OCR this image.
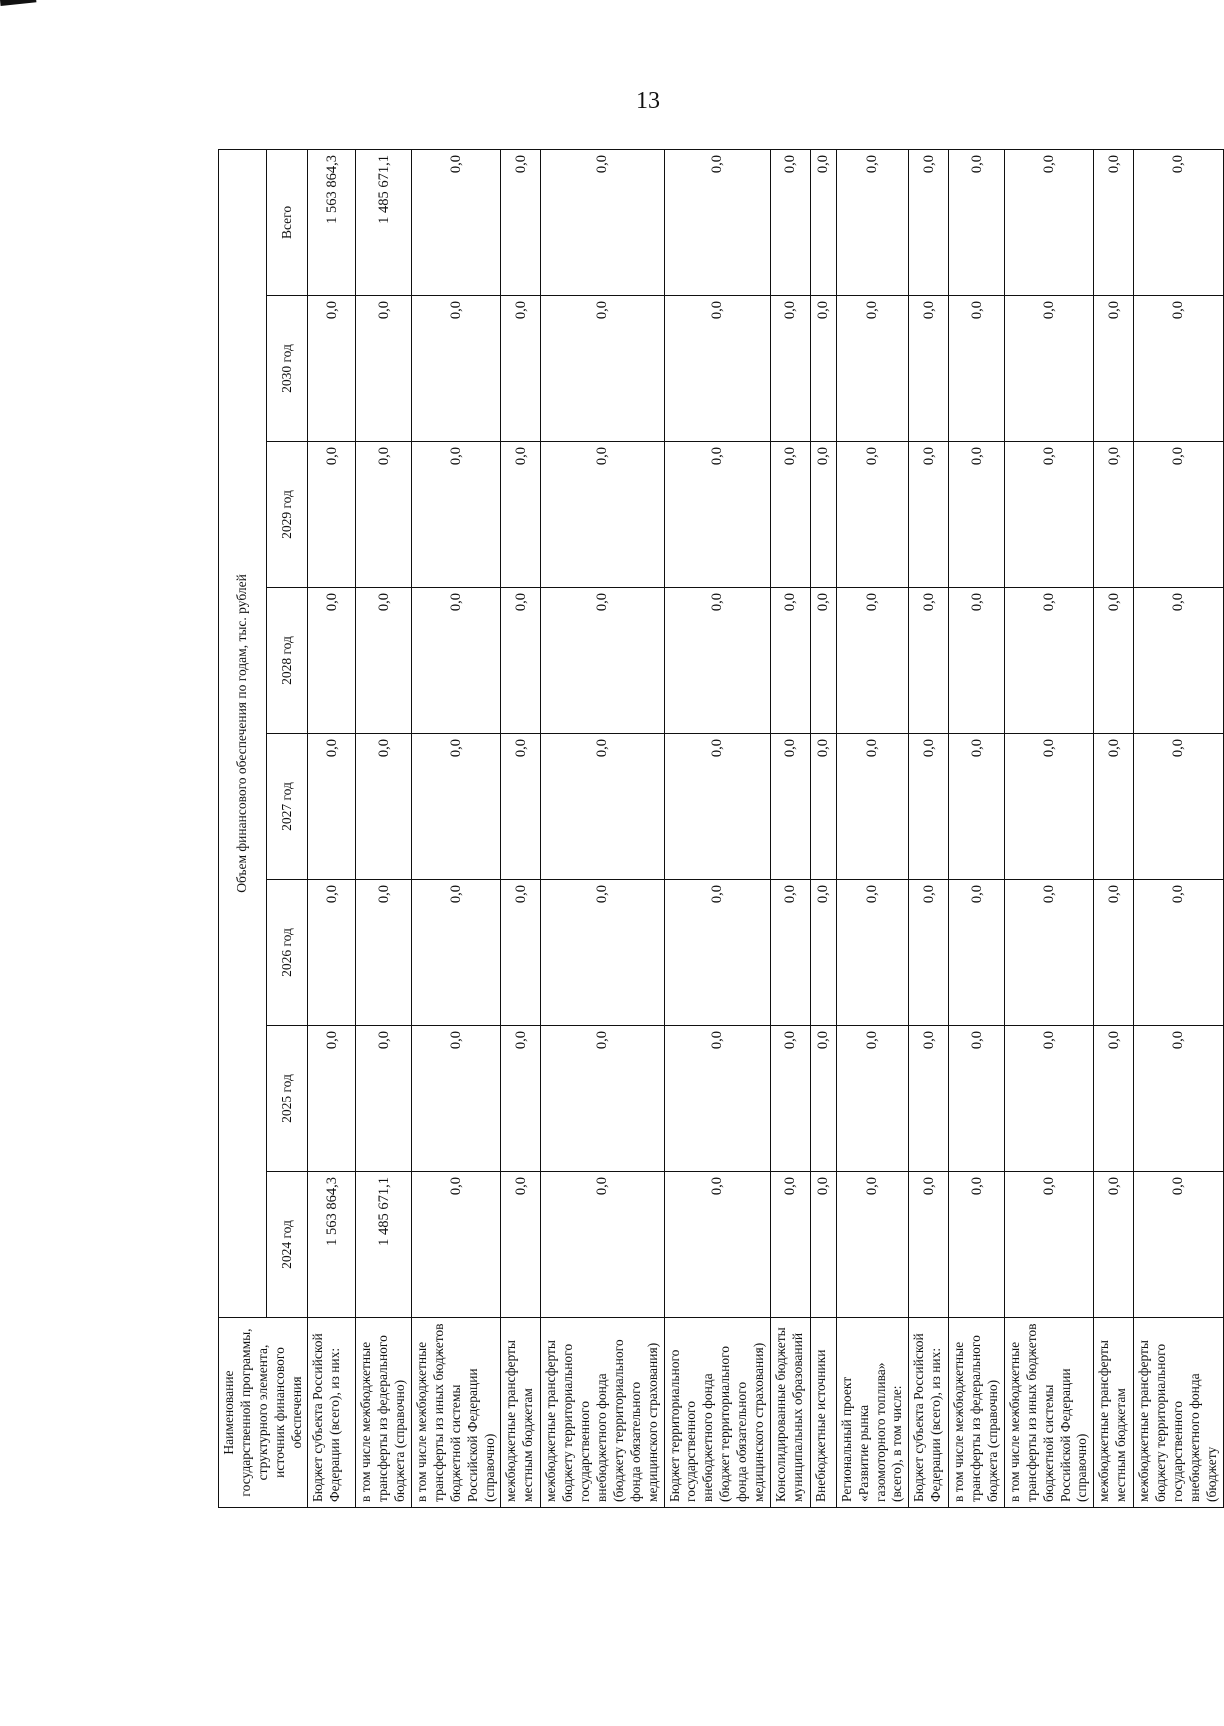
13
Наименование государственной программы, структурного элемента, источник финансового обеспечения	Объем финансового обеспечения по годам, тыс. рублей							
	2024 год	2025 год	2026 год	2027 год	2028 год	2029 год	2030 год	Всего
Бюджет субъекта Российской Федерации (всего), из них:	1 563 864,3	0,0	0,0	0,0	0,0	0,0	0,0	1 563 864,3
в том числе межбюджетные трансферты из федерального бюджета (справочно)	1 485 671,1	0,0	0,0	0,0	0,0	0,0	0,0	1 485 671,1
в том числе межбюджетные трансферты из иных бюджетов бюджетной системы Российской Федерации (справочно)	0,0	0,0	0,0	0,0	0,0	0,0	0,0	0,0
межбюджетные трансферты местным бюджетам	0,0	0,0	0,0	0,0	0,0	0,0	0,0	0,0
межбюджетные трансферты бюджету территориального государственного внебюджетного фонда (бюджету территориального фонда обязательного медицинского страхования)	0,0	0,0	0,0	0,0	0,0	0,0	0,0	0,0
Бюджет территориального государственного внебюджетного фонда (бюджет территориального фонда обязательного медицинского страхования)	0,0	0,0	0,0	0,0	0,0	0,0	0,0	0,0
Консолидированные бюджеты муниципальных образований	0,0	0,0	0,0	0,0	0,0	0,0	0,0	0,0
Внебюджетные источники	0,0	0,0	0,0	0,0	0,0	0,0	0,0	0,0
Региональный проект «Развитие рынка газомоторного топлива» (всего), в том числе:	0,0	0,0	0,0	0,0	0,0	0,0	0,0	0,0
Бюджет субъекта Российской Федерации (всего), из них:	0,0	0,0	0,0	0,0	0,0	0,0	0,0	0,0
в том числе межбюджетные трансферты из федерального бюджета (справочно)	0,0	0,0	0,0	0,0	0,0	0,0	0,0	0,0
в том числе межбюджетные трансферты из иных бюджетов бюджетной системы Российской Федерации (справочно)	0,0	0,0	0,0	0,0	0,0	0,0	0,0	0,0
межбюджетные трансферты местным бюджетам	0,0	0,0	0,0	0,0	0,0	0,0	0,0	0,0
межбюджетные трансферты бюджету территориального государственного внебюджетного фонда (бюджету	0,0	0,0	0,0	0,0	0,0	0,0	0,0	0,0
